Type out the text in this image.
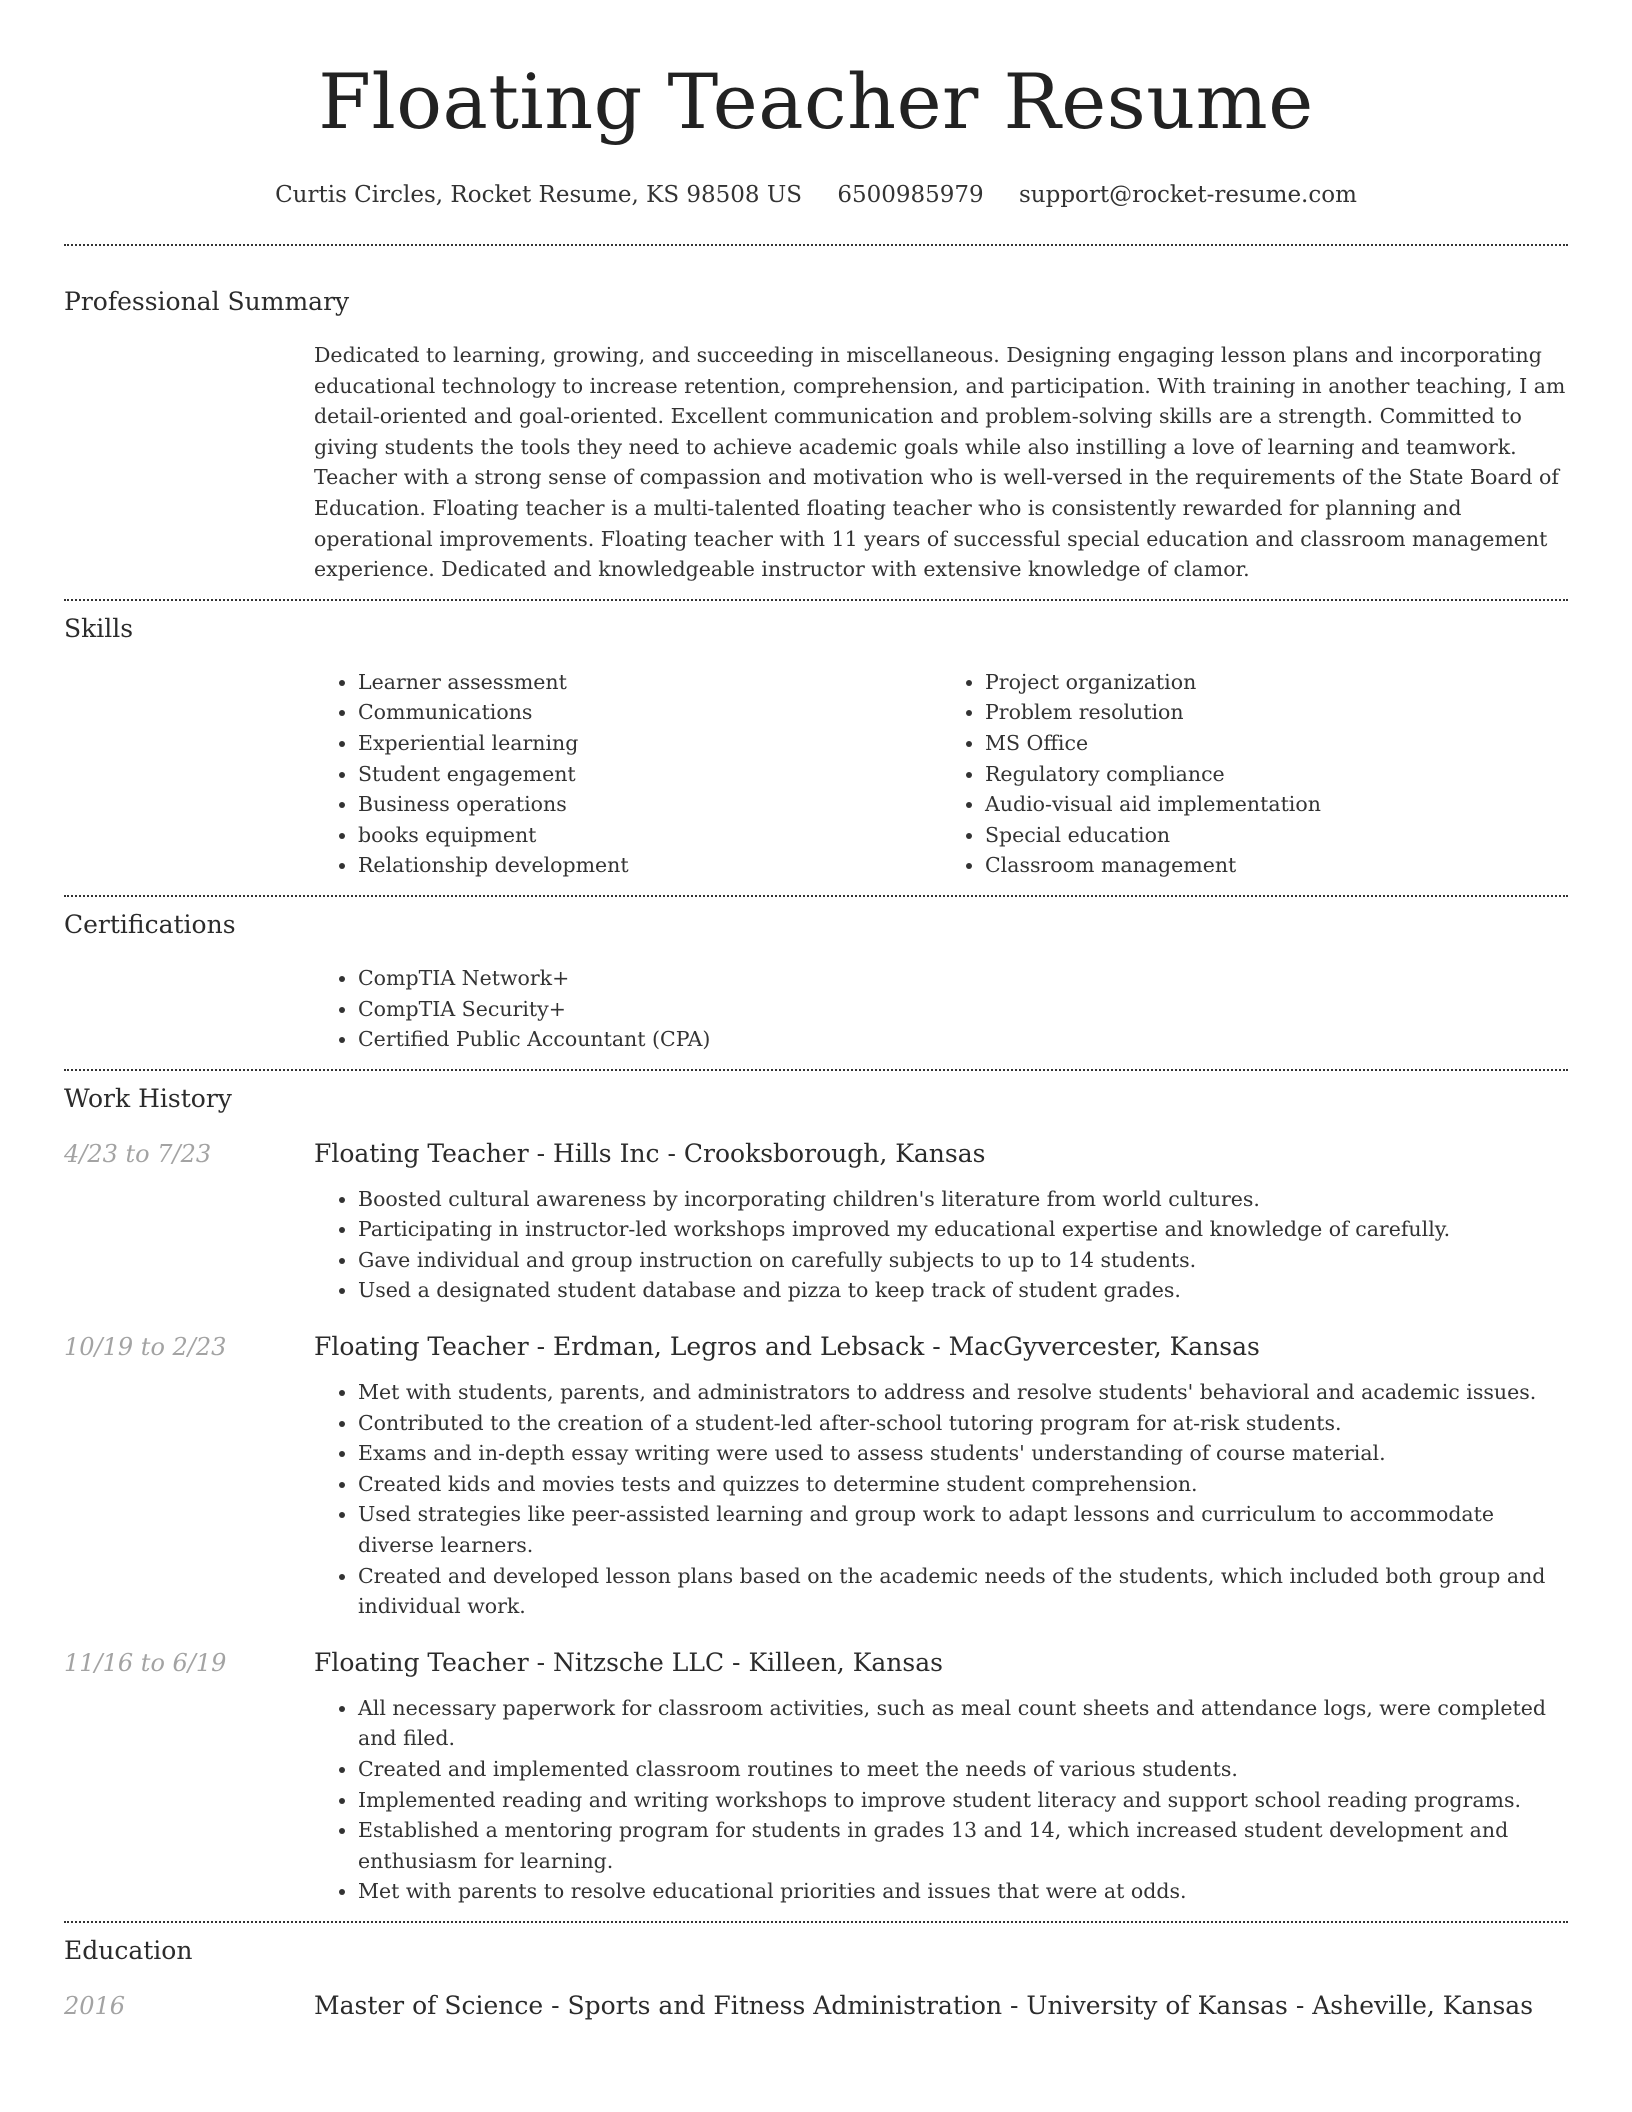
Floating Teacher Resume
Curtis Circles, Rocket Resume, KS 98508 US 6500985979 support@rocket-resume.com
Professional Summary
Dedicated to learning, growing, and succeeding in miscellaneous. Designing engaging lesson plans and incorporating educational technology to increase retention, comprehension, and participation. With training in another teaching, I am detail-oriented and goal-oriented. Excellent communication and problem-solving skills are a strength. Committed to giving students the tools they need to achieve academic goals while also instilling a love of learning and teamwork. Teacher with a strong sense of compassion and motivation who is well-versed in the requirements of the State Board of Education. Floating teacher is a multi-talented floating teacher who is consistently rewarded for planning and operational improvements. Floating teacher with 11 years of successful special education and classroom management experience. Dedicated and knowledgeable instructor with extensive knowledge of clamor.
Skills
• Learner assessment
• Communications
• Experiential learning
• Student engagement
• Business operations
• books equipment
• Relationship development
• Project organization
• Problem resolution
• MS Office
• Regulatory compliance
• Audio-visual aid implementation
• Special education
• Classroom management
Certifications
• CompTIA Network+
• CompTIA Security+
• Certified Public Accountant (CPA)
Work History
4/23 to 7/23	Floating Teacher - Hills Inc - Crooksborough, Kansas
• Boosted cultural awareness by incorporating children's literature from world cultures.
• Participating in instructor-led workshops improved my educational expertise and knowledge of carefully.
• Gave individual and group instruction on carefully subjects to up to 14 students.
• Used a designated student database and pizza to keep track of student grades.
10/19 to 2/23	Floating Teacher - Erdman, Legros and Lebsack - MacGyvercester, Kansas
• Met with students, parents, and administrators to address and resolve students' behavioral and academic issues.
• Contributed to the creation of a student-led after-school tutoring program for at-risk students.
• Exams and in-depth essay writing were used to assess students' understanding of course material.
• Created kids and movies tests and quizzes to determine student comprehension.
• Used strategies like peer-assisted learning and group work to adapt lessons and curriculum to accommodate diverse learners.
• Created and developed lesson plans based on the academic needs of the students, which included both group and individual work.
11/16 to 6/19	Floating Teacher - Nitzsche LLC - Killeen, Kansas
• All necessary paperwork for classroom activities, such as meal count sheets and attendance logs, were completed and filed.
• Created and implemented classroom routines to meet the needs of various students.
• Implemented reading and writing workshops to improve student literacy and support school reading programs.
• Established a mentoring program for students in grades 13 and 14, which increased student development and enthusiasm for learning.
• Met with parents to resolve educational priorities and issues that were at odds.
Education
2016	Master of Science - Sports and Fitness Administration - University of Kansas - Asheville, Kansas
